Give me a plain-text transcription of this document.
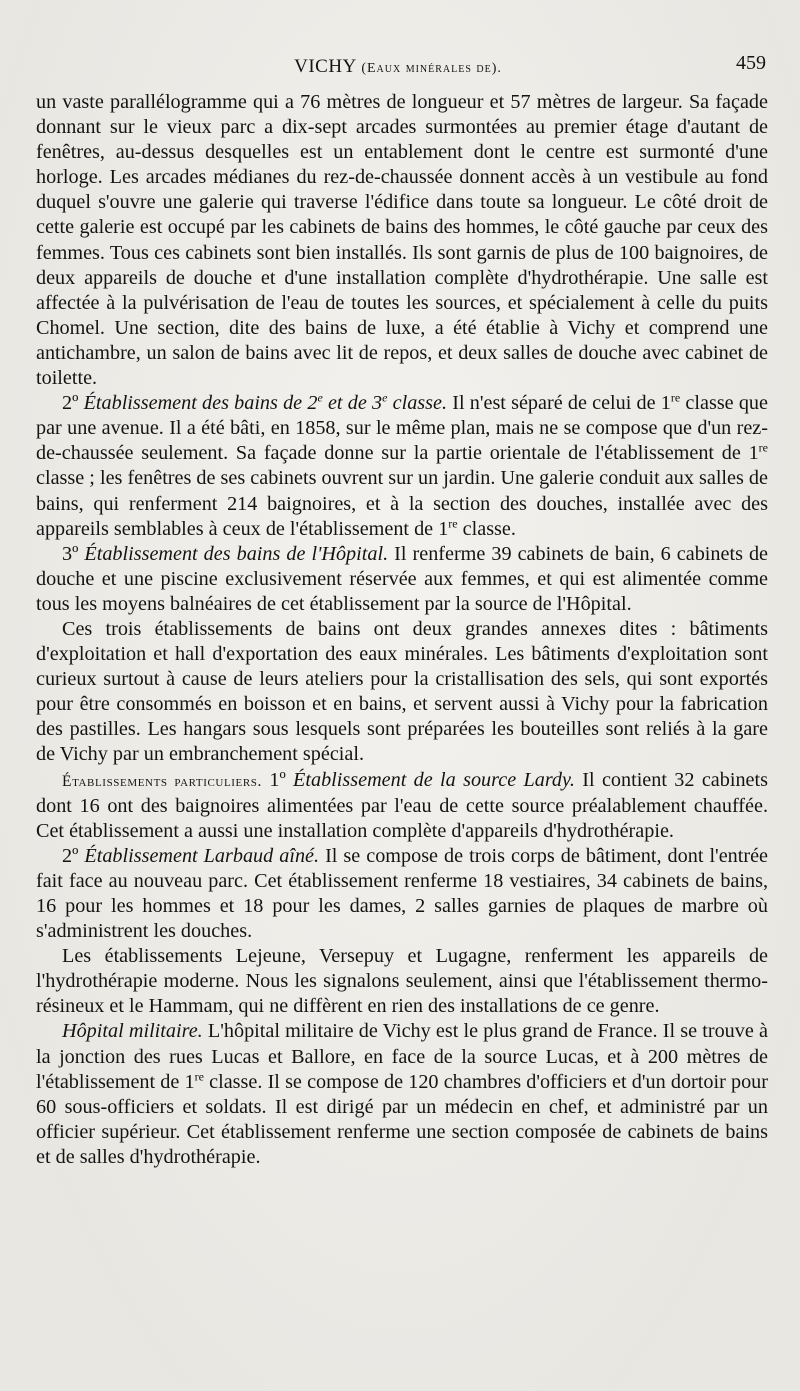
VICHY (Eaux minérales de).	459

un vaste parallélogramme qui a 76 mètres de longueur et 57 mètres de largeur. Sa façade donnant sur le vieux parc a dix-sept arcades surmontées au premier étage d'autant de fenêtres, au-dessus desquelles est un entablement dont le centre est surmonté d'une horloge. Les arcades médianes du rez-de-chaussée donnent accès à un vestibule au fond duquel s'ouvre une galerie qui traverse l'édifice dans toute sa longueur. Le côté droit de cette galerie est occupé par les cabinets de bains des hommes, le côté gauche par ceux des femmes. Tous ces cabinets sont bien installés. Ils sont garnis de plus de 100 baignoires, de deux appareils de douche et d'une installation complète d'hydrothérapie. Une salle est affectée à la pulvérisation de l'eau de toutes les sources, et spécialement à celle du puits Chomel. Une section, dite des bains de luxe, a été établie à Vichy et comprend une antichambre, un salon de bains avec lit de repos, et deux salles de douche avec cabinet de toilette.

2º Établissement des bains de 2e et de 3e classe. Il n'est séparé de celui de 1re classe que par une avenue. Il a été bâti, en 1858, sur le même plan, mais ne se compose que d'un rez-de-chaussée seulement. Sa façade donne sur la partie orientale de l'établissement de 1re classe ; les fenêtres de ses cabinets ouvrent sur un jardin. Une galerie conduit aux salles de bains, qui renferment 214 baignoires, et à la section des douches, installée avec des appareils semblables à ceux de l'établissement de 1re classe.

3º Établissement des bains de l'Hôpital. Il renferme 39 cabinets de bain, 6 cabinets de douche et une piscine exclusivement réservée aux femmes, et qui est alimentée comme tous les moyens balnéaires de cet établissement par la source de l'Hôpital.

Ces trois établissements de bains ont deux grandes annexes dites : bâtiments d'exploitation et hall d'exportation des eaux minérales. Les bâtiments d'exploitation sont curieux surtout à cause de leurs ateliers pour la cristallisation des sels, qui sont exportés pour être consommés en boisson et en bains, et servent aussi à Vichy pour la fabrication des pastilles. Les hangars sous lesquels sont préparées les bouteilles sont reliés à la gare de Vichy par un embranchement spécial.

Établissements particuliers. 1º Établissement de la source Lardy. Il contient 32 cabinets dont 16 ont des baignoires alimentées par l'eau de cette source préalablement chauffée. Cet établissement a aussi une installation complète d'appareils d'hydrothérapie.

2º Établissement Larbaud aîné. Il se compose de trois corps de bâtiment, dont l'entrée fait face au nouveau parc. Cet établissement renferme 18 vestiaires, 34 cabinets de bains, 16 pour les hommes et 18 pour les dames, 2 salles garnies de plaques de marbre où s'administrent les douches.

Les établissements Lejeune, Versepuy et Lugagne, renferment les appareils de l'hydrothérapie moderne. Nous les signalons seulement, ainsi que l'établissement thermo-résineux et le Hammam, qui ne diffèrent en rien des installations de ce genre.

Hôpital militaire. L'hôpital militaire de Vichy est le plus grand de France. Il se trouve à la jonction des rues Lucas et Ballore, en face de la source Lucas, et à 200 mètres de l'établissement de 1re classe. Il se compose de 120 chambres d'officiers et d'un dortoir pour 60 sous-officiers et soldats. Il est dirigé par un médecin en chef, et administré par un officier supérieur. Cet établissement renferme une section composée de cabinets de bains et de salles d'hydrothérapie.
